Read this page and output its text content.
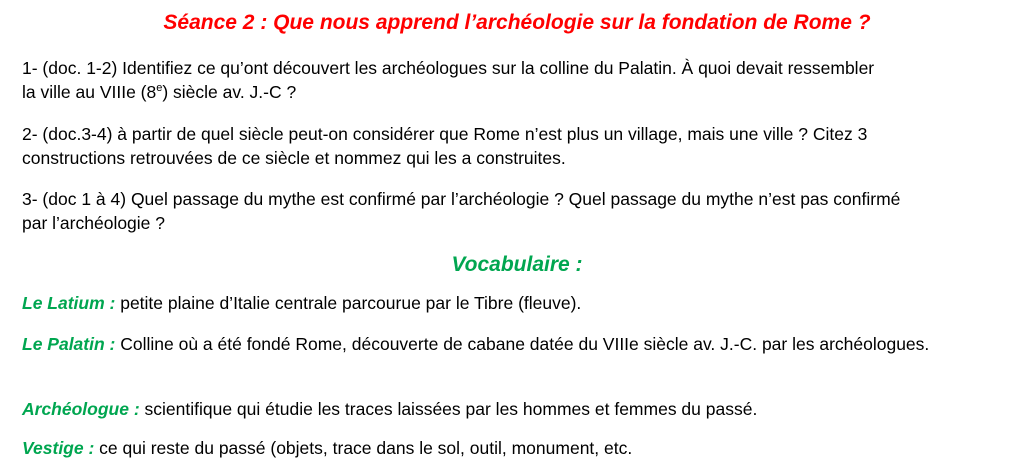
Séance 2 : Que nous apprend l’archéologie sur la fondation de Rome ?
1- (doc. 1-2) Identifiez ce qu’ont découvert les archéologues sur la colline du Palatin. À quoi devait ressembler
la ville au VIIIe (8e) siècle av. J.-C ?
2- (doc.3-4) à partir de quel siècle peut-on considérer que Rome n’est plus un village, mais une ville ? Citez 3
constructions retrouvées de ce siècle et nommez qui les a construites.
3- (doc 1 à 4) Quel passage du mythe est confirmé par l’archéologie ? Quel passage du mythe n’est pas confirmé
par l’archéologie ?
Vocabulaire :
Le Latium : petite plaine d’Italie centrale parcourue par le Tibre (fleuve).
Le Palatin : Colline où a été fondé Rome, découverte de cabane datée du VIIIe siècle av. J.-C. par les archéologues.
Archéologue : scientifique qui étudie les traces laissées par les hommes et femmes du passé.
Vestige : ce qui reste du passé (objets, trace dans le sol, outil, monument, etc.
